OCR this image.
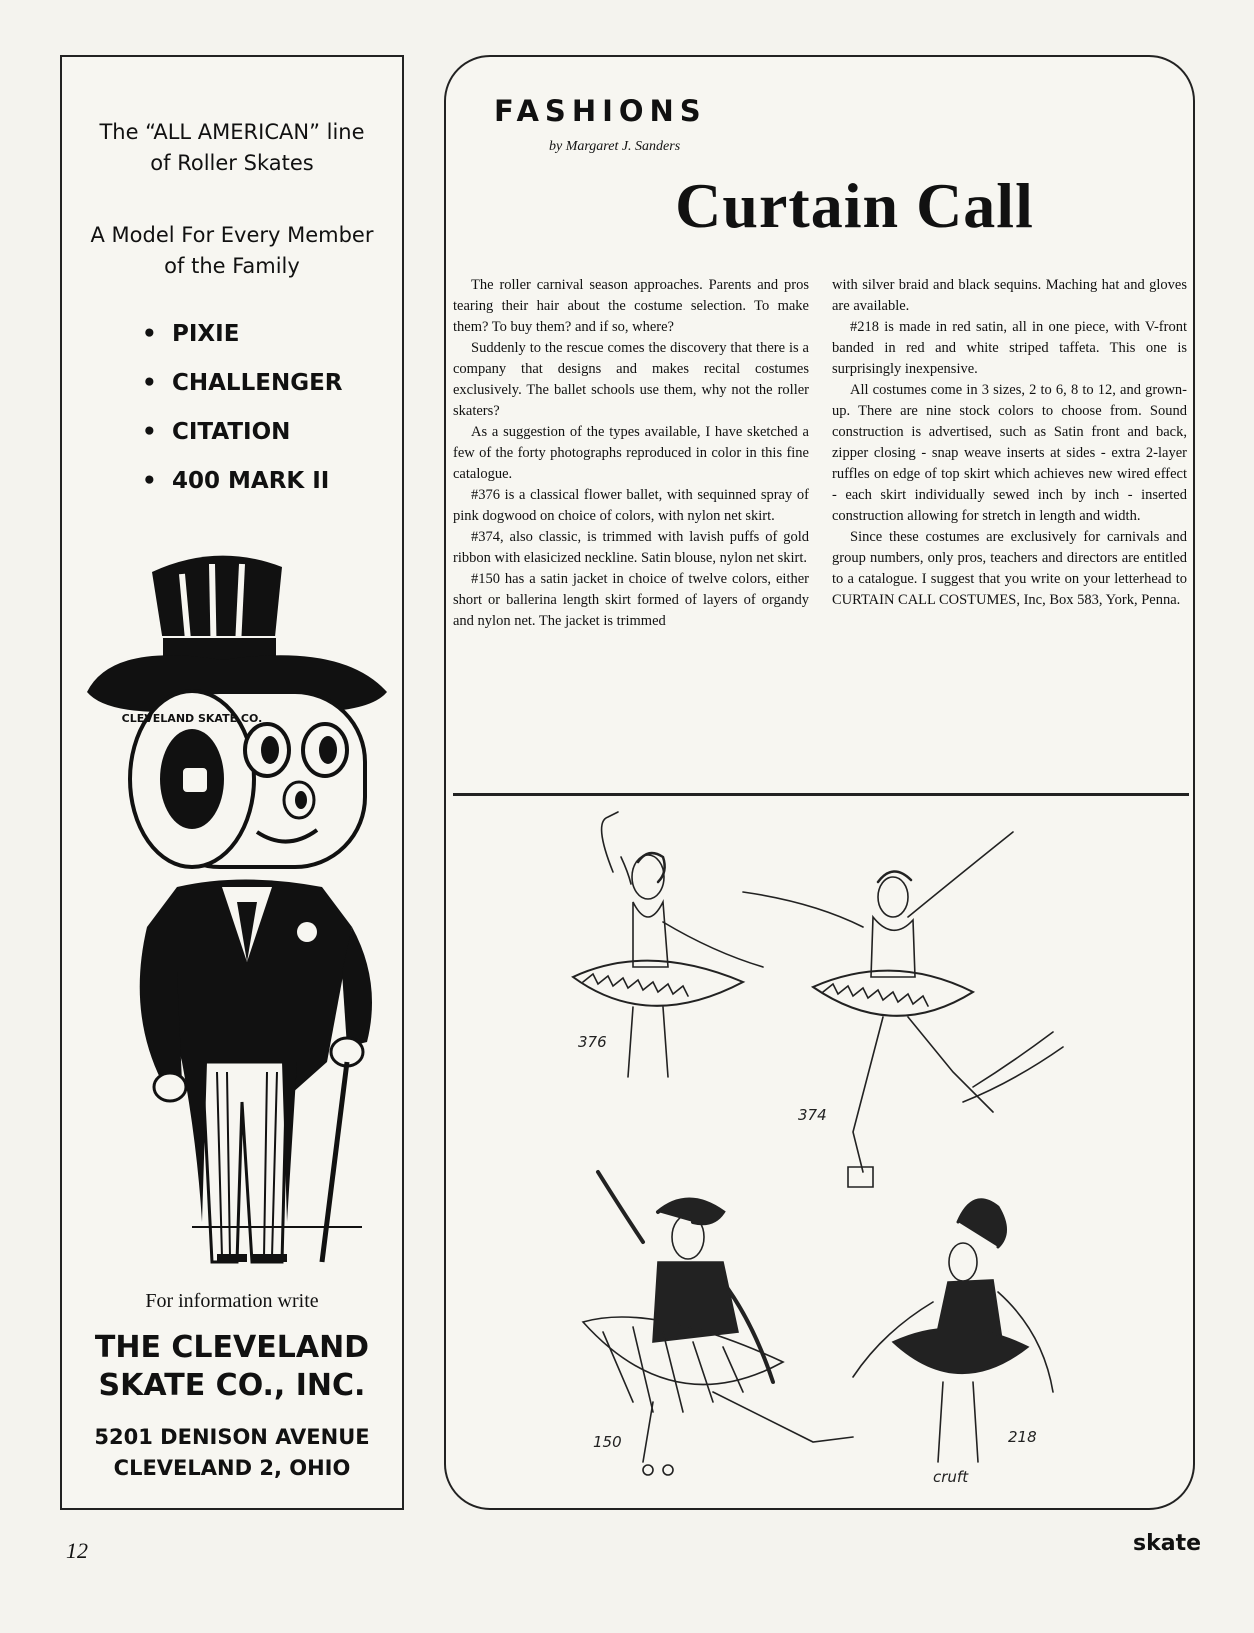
The “ALL AMERICAN” line
of Roller Skates
A Model For Every Member
of the Family
• PIXIE
• CHALLENGER
• CITATION
• 400 MARK II
CLEVELAND SKATE CO.
For information write
THE CLEVELAND
SKATE CO., INC.
5201 DENISON AVENUE
CLEVELAND 2, OHIO
FASHIONS
by Margaret J. Sanders
Curtain Call

The roller carnival season approaches. Parents and pros tearing their hair about the costume selection. To make them? To buy them? and if so, where?

Suddenly to the rescue comes the discovery that there is a company that designs and makes recital costumes exclusively. The ballet schools use them, why not the roller skaters?

As a suggestion of the types available, I have sketched a few of the forty photographs reproduced in color in this fine catalogue.

#376 is a classical flower ballet, with sequinned spray of pink dogwood on choice of colors, with nylon net skirt.

#374, also classic, is trimmed with lavish puffs of gold ribbon with elasicized neckline. Satin blouse, nylon net skirt.

#150 has a satin jacket in choice of twelve colors, either short or ballerina length skirt formed of layers of organdy and nylon net. The jacket is trimmed

with silver braid and black sequins. Maching hat and gloves are available.

#218 is made in red satin, all in one piece, with V-front banded in red and white striped taffeta. This one is surprisingly inexpensive.

All costumes come in 3 sizes, 2 to 6, 8 to 12, and grown-up. There are nine stock colors to choose from. Sound construction is advertised, such as Satin front and back, zipper closing - snap weave inserts at sides - extra 2-layer ruffles on edge of top skirt which achieves new wired effect - each skirt individually sewed inch by inch - inserted construction allowing for stretch in length and width.

Since these costumes are exclusively for carnivals and group numbers, only pros, teachers and directors are entitled to a catalogue. I suggest that you write on your letterhead to CURTAIN CALL COSTUMES, Inc, Box 583, York, Penna.

376
374
150	218
cruft
12	skate
